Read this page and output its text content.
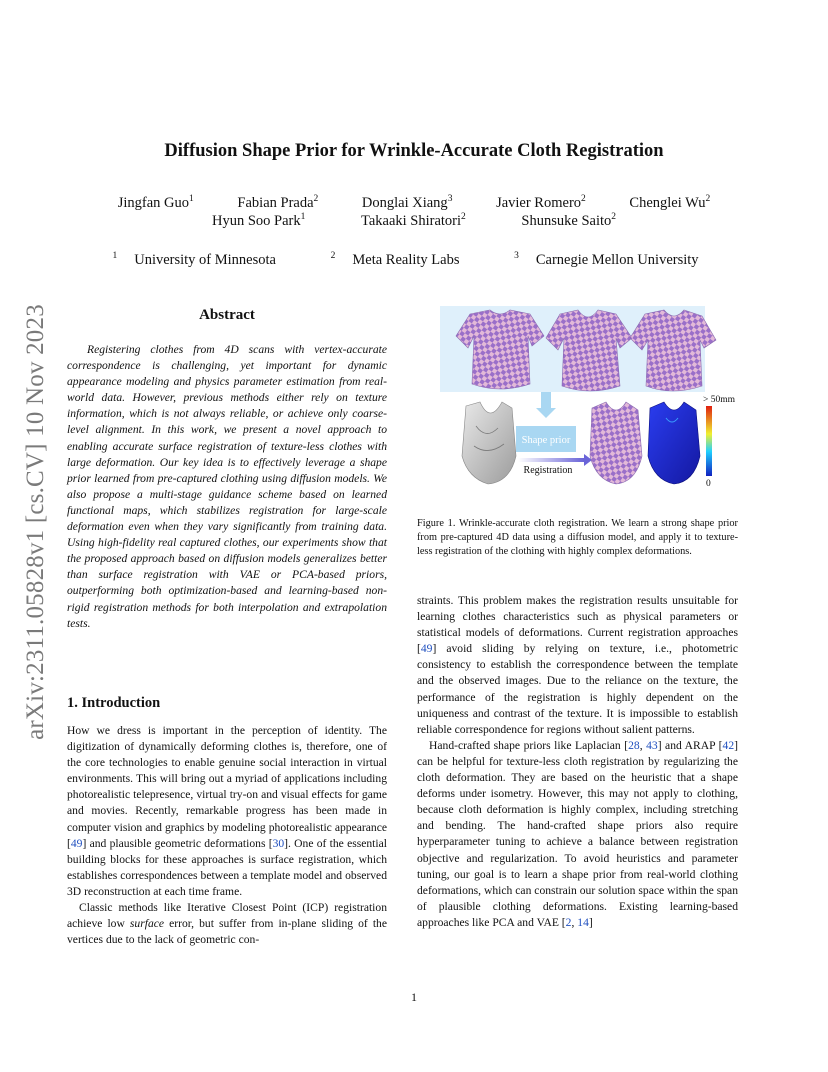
arXiv:2311.05828v1 [cs.CV] 10 Nov 2023
Diffusion Shape Prior for Wrinkle-Accurate Cloth Registration
Jingfan Guo$^1$	Fabian Prada$^2$	Donglai Xiang$^3$	Javier Romero$^2$	Chenglei Wu$^2$
Hyun Soo Park$^1$	Takaaki Shiratori$^2$	Shunsuke Saito$^2$
$^1$ University of Minnesota	$^2$ Meta Reality Labs	$^3$ Carnegie Mellon University
Abstract

Registering clothes from 4D scans with vertex-accurate correspondence is challenging, yet important for dynamic appearance modeling and physics parameter estimation from real-world data. However, previous methods either rely on texture information, which is not always reliable, or achieve only coarse-level alignment. In this work, we present a novel approach to enabling accurate surface registration of texture-less clothes with large deformation. Our key idea is to effectively leverage a shape prior learned from pre-captured clothing using diffusion models. We also propose a multi-stage guidance scheme based on learned functional maps, which stabilizes registration for large-scale deformation even when they vary significantly from training data. Using high-fidelity real captured clothes, our experiments show that the proposed approach based on diffusion models generalizes better than surface registration with VAE or PCA-based priors, outperforming both optimization-based and learning-based non-rigid registration methods for both interpolation and extrapolation tests.

1. Introduction

How we dress is important in the perception of identity. The digitization of dynamically deforming clothes is, therefore, one of the core technologies to enable genuine social interaction in virtual environments. This will bring out a myriad of applications including photorealistic telepresence, virtual try-on and visual effects for game and movies. Recently, remarkable progress has been made in computer vision and graphics by modeling photorealistic appearance [49] and plausible geometric deformations [30]. One of the essential building blocks for these approaches is surface registration, which establishes correspondences between a template model and observed 3D reconstruction at each time frame.

Classic methods like Iterative Closest Point (ICP) registration achieve low surface error, but suffer from in-plane sliding of the vertices due to the lack of geometric con-

Shape prior
Registration
> 50mm
0
Figure 1. Wrinkle-accurate cloth registration. We learn a strong shape prior from pre-captured 4D data using a diffusion model, and apply it to texture-less registration of the clothing with highly complex deformations.

straints. This problem makes the registration results unsuitable for learning clothes characteristics such as physical parameters or statistical models of deformations. Current registration approaches [49] avoid sliding by relying on texture, i.e., photometric consistency to establish the correspondence between the template and the observed images. Due to the reliance on the texture, the performance of the registration is highly dependent on the uniqueness and contrast of the texture. It is impossible to establish reliable correspondence for regions without salient patterns.

Hand-crafted shape priors like Laplacian [28, 43] and ARAP [42] can be helpful for texture-less cloth registration by regularizing the cloth deformation. They are based on the heuristic that a shape deforms under isometry. However, this may not apply to clothing, because cloth deformation is highly complex, including stretching and bending. The hand-crafted shape priors also require hyperparameter tuning to achieve a balance between registration objective and regularization. To avoid heuristics and parameter tuning, our goal is to learn a shape prior from real-world clothing deformations, which can constrain our solution space within the span of plausible clothing deformations. Existing learning-based approaches like PCA and VAE [2, 14]

1
